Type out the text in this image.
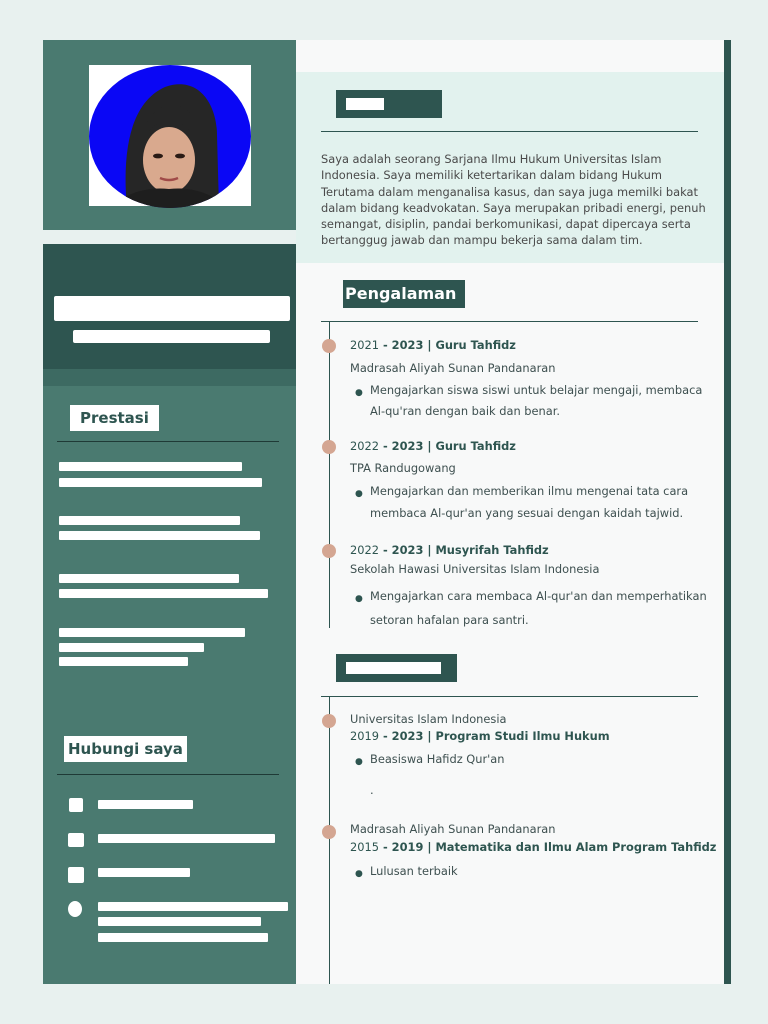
Prestasi
Hubungi saya
Saya adalah seorang Sarjana Ilmu Hukum Universitas Islam Indonesia. Saya memiliki ketertarikan dalam bidang Hukum Terutama dalam menganalisa kasus, dan saya juga memilki bakat dalam bidang keadvokatan. Saya merupakan pribadi energi, penuh semangat, disiplin, pandai berkomunikasi, dapat dipercaya serta bertanggug jawab dan mampu bekerja sama dalam tim.
Pengalaman
2021 - 2023 | Guru Tahfidz
Madrasah Aliyah Sunan Pandanaran
● Mengajarkan siswa siswi untuk belajar mengaji, membaca
Al-qu'ran dengan baik dan benar.
2022 - 2023 | Guru Tahfidz
TPA Randugowang
● Mengajarkan dan memberikan ilmu mengenai tata cara
membaca Al-qur'an yang sesuai dengan kaidah tajwid.
2022 - 2023 | Musyrifah Tahfidz
Sekolah Hawasi Universitas Islam Indonesia
● Mengajarkan cara membaca Al-qur'an dan memperhatikan
setoran hafalan para santri.
Universitas Islam Indonesia
2019 - 2023 | Program Studi Ilmu Hukum
● Beasiswa Hafidz Qur'an
.
Madrasah Aliyah Sunan Pandanaran
2015 - 2019 | Matematika dan Ilmu Alam Program Tahfidz
● Lulusan terbaik
